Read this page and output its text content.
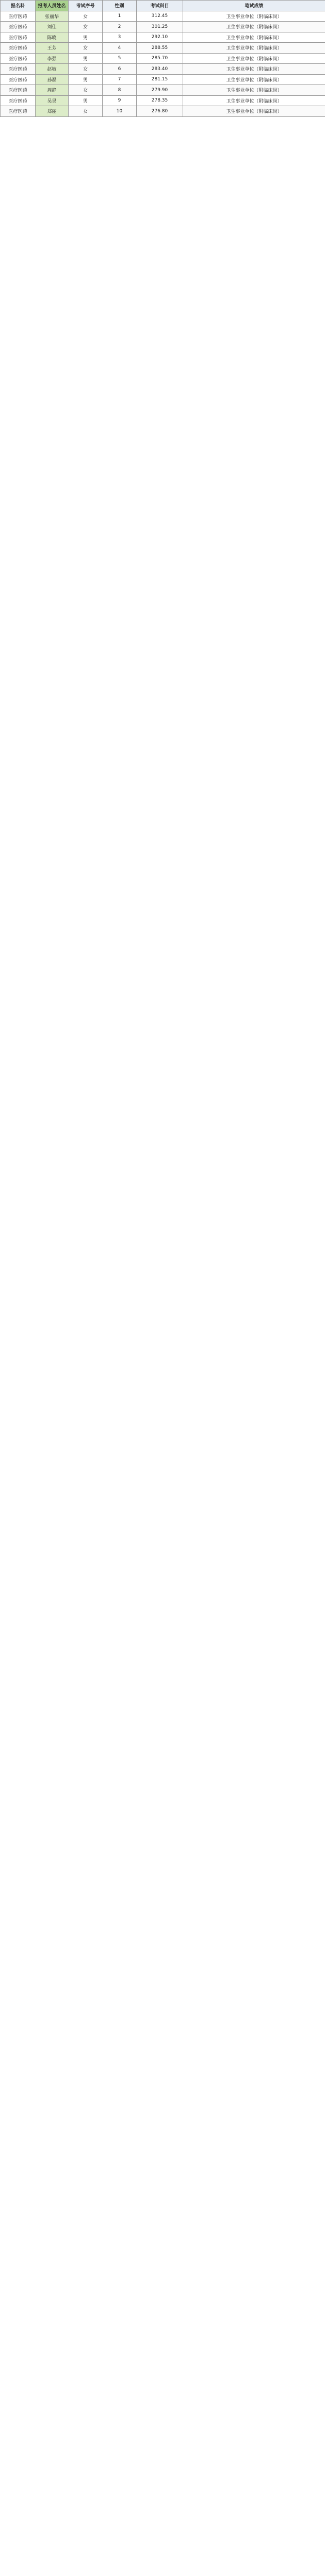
报名科	报考人员姓名	考试序号	性别	考试科目	笔试成绩
医疗医药	张丽华	女	1	312.45	卫生事业单位（附临床岗）
医疗医药	刘佳	女	2	301.25	卫生事业单位（附临床岗）
医疗医药	陈晓	男	3	292.10	卫生事业单位（附临床岗）
医疗医药	王芳	女	4	288.55	卫生事业单位（附临床岗）
医疗医药	李强	男	5	285.70	卫生事业单位（附临床岗）
医疗医药	赵敏	女	6	283.40	卫生事业单位（附临床岗）
医疗医药	孙磊	男	7	281.15	卫生事业单位（附临床岗）
医疗医药	周静	女	8	279.90	卫生事业单位（附临床岗）
医疗医药	吴昊	男	9	278.35	卫生事业单位（附临床岗）
医疗医药	郑丽	女	10	276.80	卫生事业单位（附临床岗）
